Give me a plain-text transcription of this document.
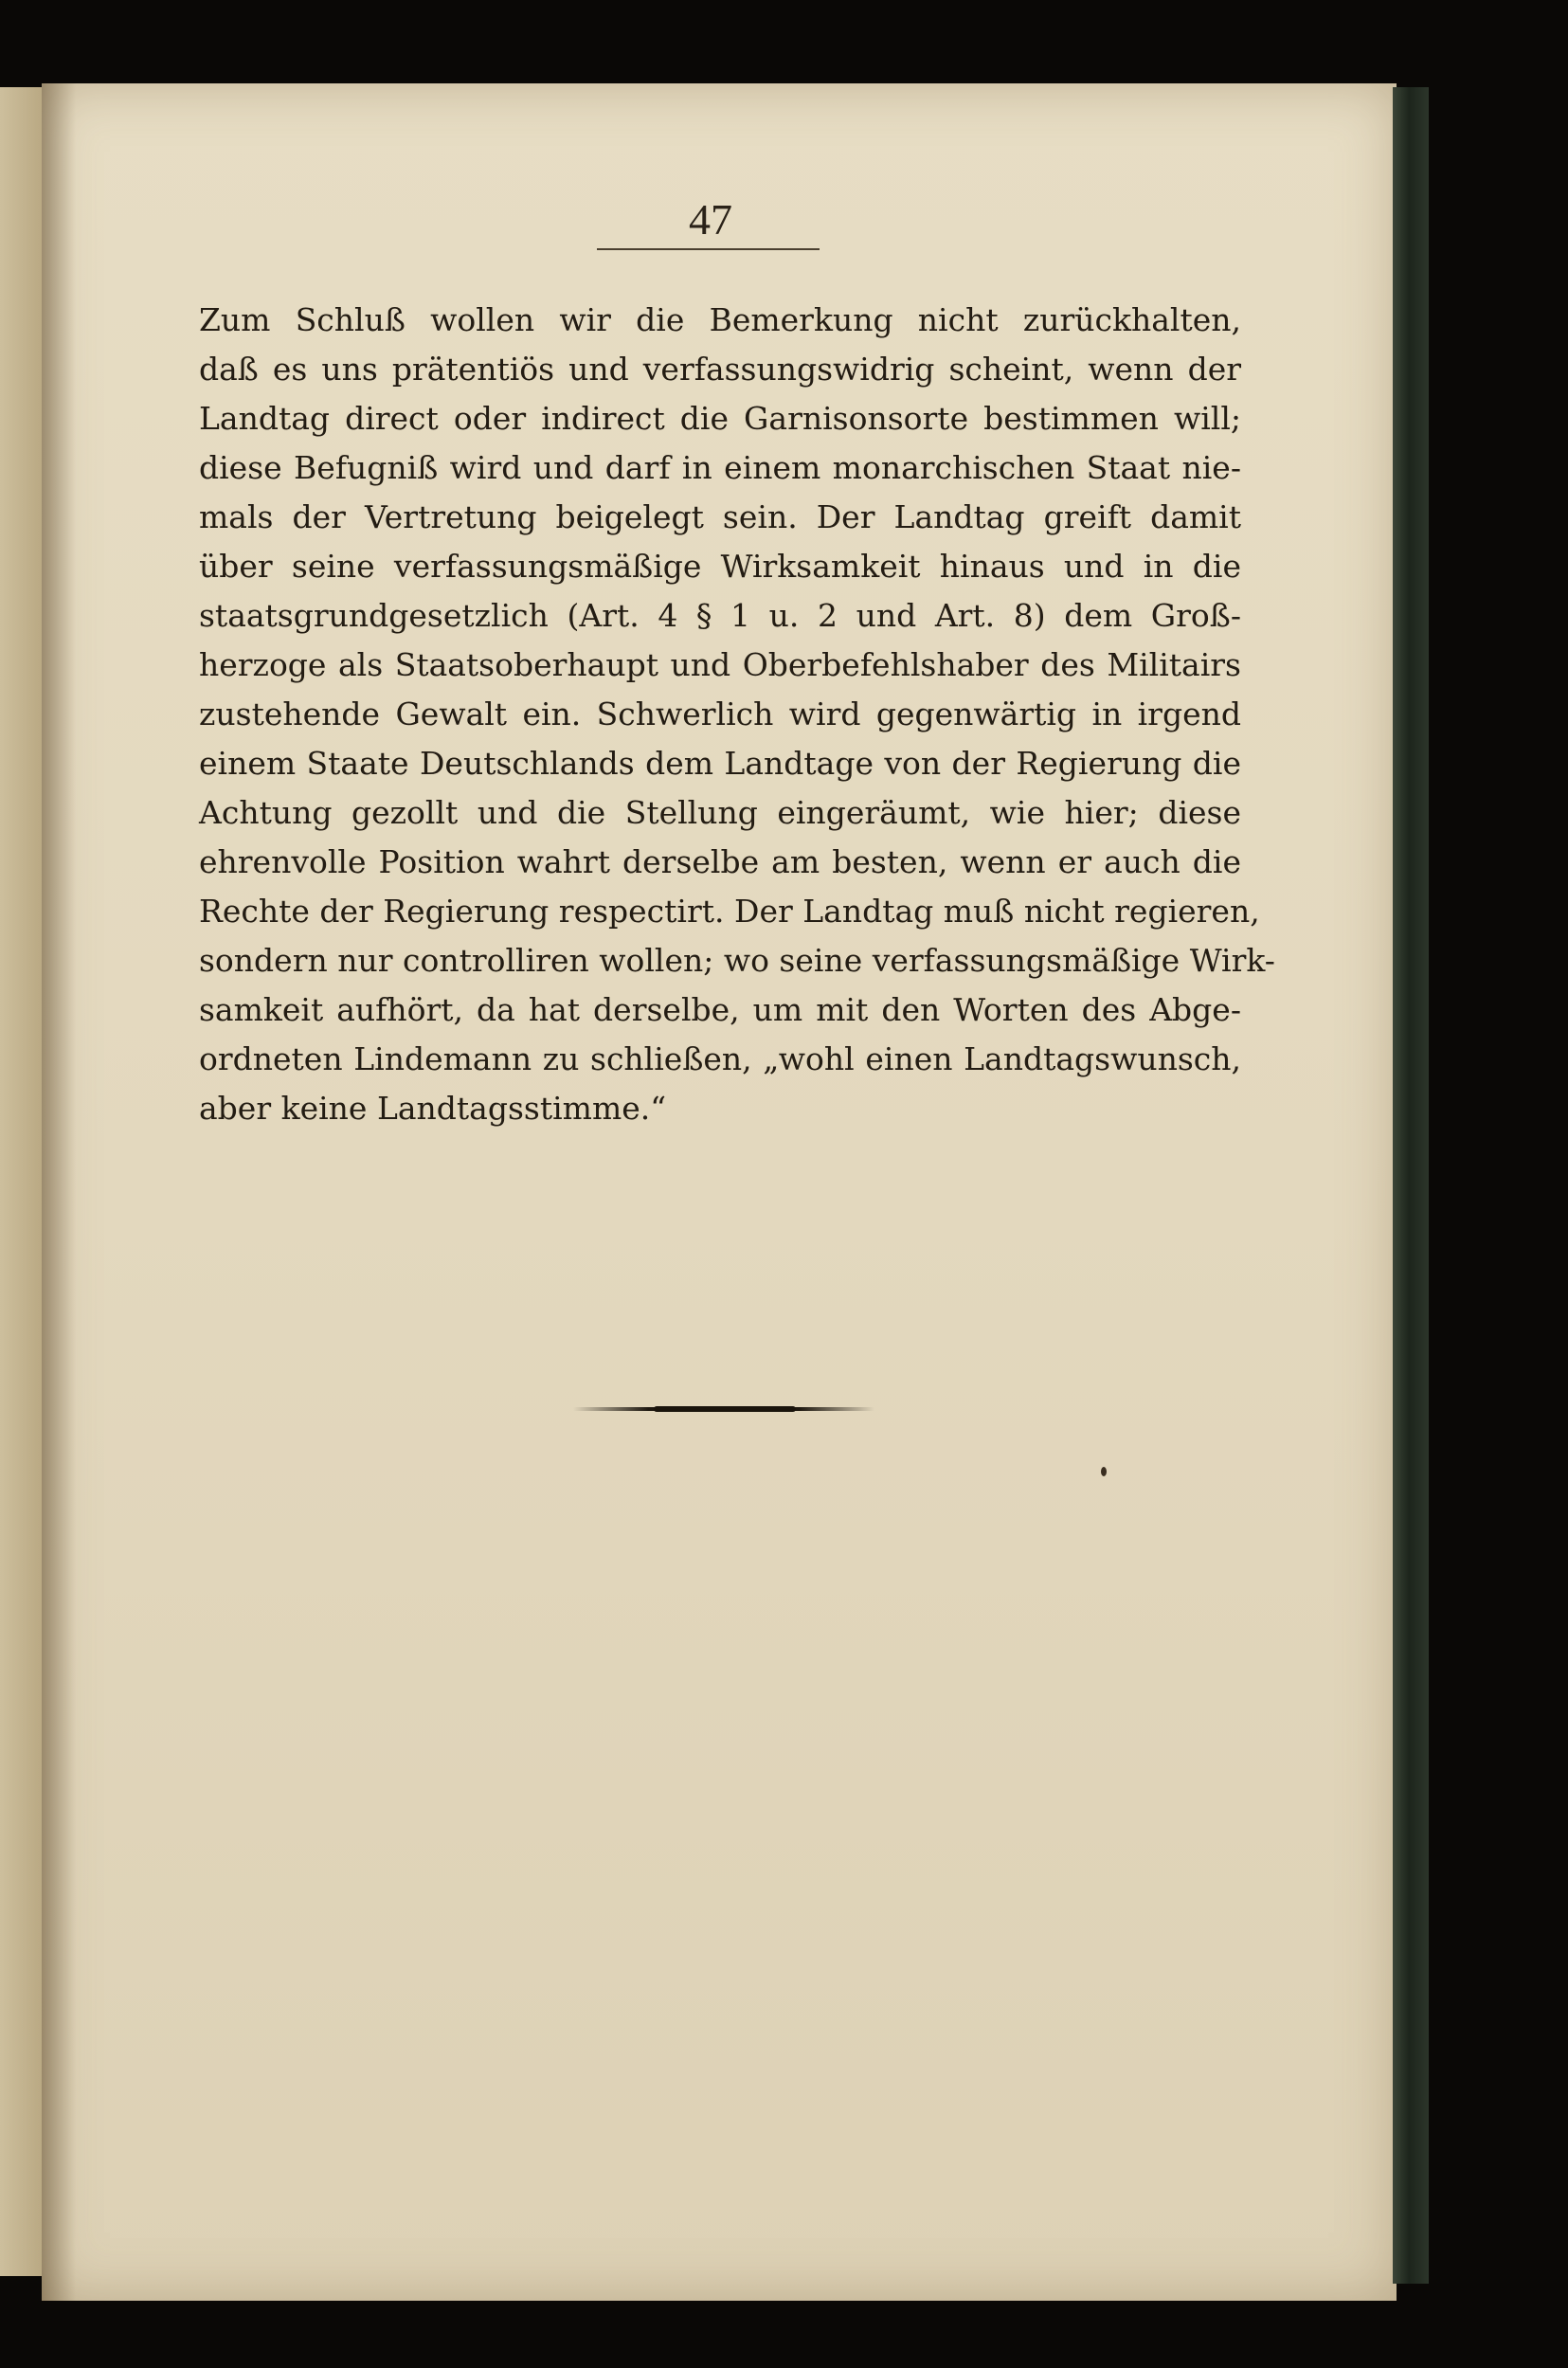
47
Zum Schluß wollen wir die Bemerkung nicht zurückhalten,
daß es uns prätentiös und verfassungswidrig scheint, wenn der
Landtag direct oder indirect die Garnisonsorte bestimmen will;
diese Befugniß wird und darf in einem monarchischen Staat nie-
mals der Vertretung beigelegt sein. Der Landtag greift damit
über seine verfassungsmäßige Wirksamkeit hinaus und in die
staatsgrundgesetzlich (Art. 4 § 1 u. 2 und Art. 8) dem Groß-
herzoge als Staatsoberhaupt und Oberbefehlshaber des Militairs
zustehende Gewalt ein. Schwerlich wird gegenwärtig in irgend
einem Staate Deutschlands dem Landtage von der Regierung die
Achtung gezollt und die Stellung eingeräumt, wie hier; diese
ehrenvolle Position wahrt derselbe am besten, wenn er auch die
Rechte der Regierung respectirt. Der Landtag muß nicht regieren,
sondern nur controlliren wollen; wo seine verfassungsmäßige Wirk-
samkeit aufhört, da hat derselbe, um mit den Worten des Abge-
ordneten Lindemann zu schließen, „wohl einen Landtagswunsch,
aber keine Landtagsstimme.“
